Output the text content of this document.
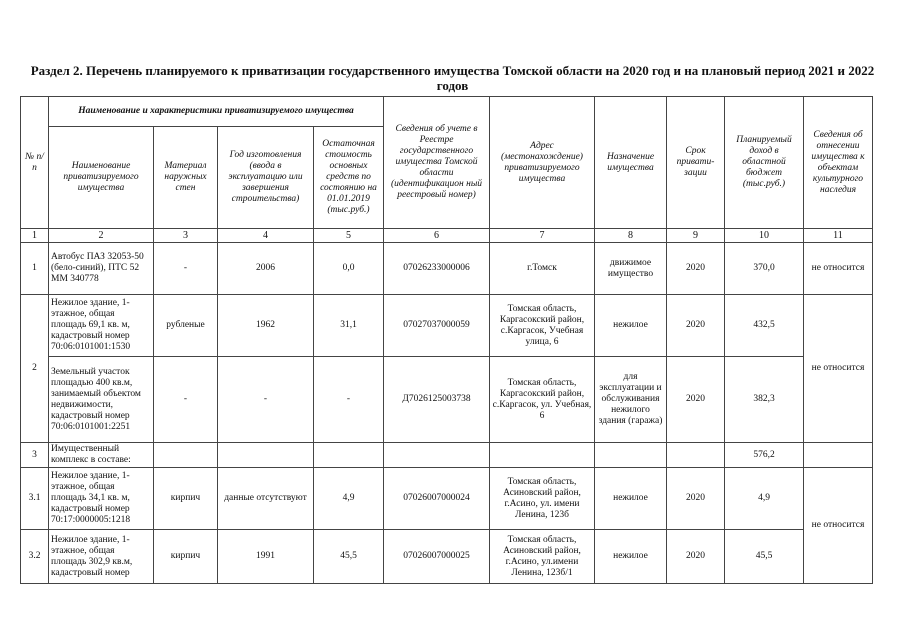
Раздел 2. Перечень планируемого к приватизации государственного имущества Томской области на 2020 год и на плановый период 2021 и 2022 годов
№ п/п	Наименование и характеристики приватизируемого имущества				Сведения об учете в Реестре государственного имущества Томской области (идентификацион ный реестровый номер)	Адрес (местонахождение) приватизируемого имущества	Назначение имущества	Срок привати-зации	Планируемый доход в областной бюджет (тыс.руб.)	Сведения об отнесении имущества к объектам культурного наследия
	Наименование приватизируемого имущества	Материал наружных стен	Год изготовления (ввода в эксплуатацию или завершения строительства)	Остаточная стоимость основных средств по состоянию на 01.01.2019 (тыс.руб.)						
1	2	3	4	5	6	7	8	9	10	11
1	Автобус ПАЗ 32053-50 (бело-синий), ПТС 52 ММ 340778	-	2006	0,0	07026233000006	г.Томск	движимое имущество	2020	370,0	не относится
2	Нежилое здание, 1-этажное, общая площадь 69,1 кв. м, кадастровый номер 70:06:0101001:1530	рубленые	1962	31,1	07027037000059	Томская область, Каргасокский район, с.Каргасок, Учебная улица, 6	нежилое	2020	432,5	не относится
	Земельный участок площадью 400 кв.м, занимаемый объектом недвижимости, кадастровый номер 70:06:0101001:2251	-	-	-	Д7026125003738	Томская область, Каргасокский район, с.Каргасок, ул. Учебная, 6	для эксплуатации и обслуживания нежилого здания (гаража)	2020	382,3	
3	Имущественный комплекс в составе:								576,2	
3.1	Нежилое здание, 1-этажное, общая площадь 34,1 кв. м, кадастровый номер 70:17:0000005:1218	кирпич	данные отсутствуют	4,9	07026007000024	Томская область, Асиновский район, г.Асино, ул. имени Ленина, 123б	нежилое	2020	4,9	не относится
3.2	Нежилое здание, 1-этажное, общая площадь 302,9 кв.м, кадастровый номер	кирпич	1991	45,5	07026007000025	Томская область, Асиновский район, г.Асино, ул.имени Ленина, 123б/1	нежилое	2020	45,5	
